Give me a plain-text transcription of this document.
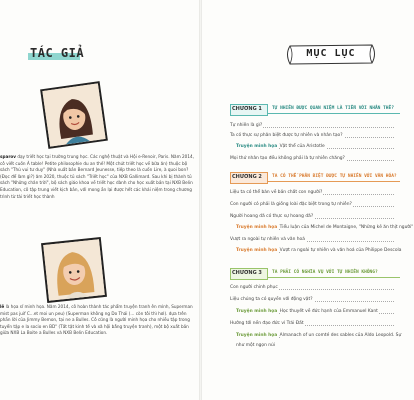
TÁC GIẢ

sparov dạy triết học tại trường trung học. Các nghệ thuật và Hội e-Renoir, Paris. Năm 2014, cô viết cuốn À table! Petite philosophie du an thế! Một chút triết học về bữa ăn) thuộc bộ sách "Thú vui tư duy" (Nhà xuất bản Bernard Jeunesse, tiếp theo là cuốn Lire, à quoi bon? (Đọc để làm gì?) ăm 2020, thuộc tủ sách "Triết học" của NXB Gallimard. Sau khi bị thành tủ sách "Những chân trời", bộ sách giáo khoa về triết học dành cho học xuất bản tại NXB Belin Education, cô tập trung viết kịch bản, với mong ần lại được hết các khái niệm trong chương trình từ tài triết học thành

lê là họa sĩ minh họa. Năm 2014, cô hoàn thành tác phẩm truyện tranh ên mình, Superman mist pas juif C...et moi un peu) (Superman không ng Do Thái (... còn tôi thì hơi). dựa trên phần lời của Jimmy Bemon, tại ne a Bulles. Cô cũng là người minh họa cho nhiều tập trong tuyển tập e la socio en BD" (Tất tật kinh tế và xã hội bằng truyện tranh), một bộ xuất bản giữa NXB La Boite a Bulles và NXB Belin Education.

MỤC LỤC
CHƯƠNG 1 TỰ NHIÊN ĐƯỢC QUAN NIỆM LÀ TIẾN VỚI NHÂN THẾ?
Tự nhiên là gì?
Ta có thực sự phân biệt được tự nhiên và nhân tạo?
Truyện minh họa Vật thể của Aristotle
Mọi thứ nhân tạo đều không phải là tự nhiên chăng?
CHƯƠNG 2 TA CÓ THỂ PHÂN BIỆT ĐƯỢC TỰ NHIÊN VỚI VĂN HÓA?
Liệu ta có thể bàn về bản chất con người?
Con người có phải là giống loài đặc biệt trong tự nhiên?
Người hoang dã có thực sự hoang dã?
Truyện minh họa Tiểu luận của Michel de Montaigne, "Những kẻ ăn thịt người"
Vượt ra ngoài tự nhiên và văn hoá
Truyện minh họa Vượt ra ngoài tự nhiên và văn hoá của Philippe Descola
CHƯƠNG 3 TA PHẢI CÓ NGHĨA VỤ VỚI TỰ NHIÊN KHÔNG?
Con người chinh phục
Liệu chúng ta có quyền với động vật?
Truyện minh họa Học thuyết về đức hạnh của Emmanuel Kant
Hướng tới nền đạo đức vì Trái Đất
Truyện minh họa Almanach of un comté des sables của Aldo Leopold. Sự
như một ngọn núi
